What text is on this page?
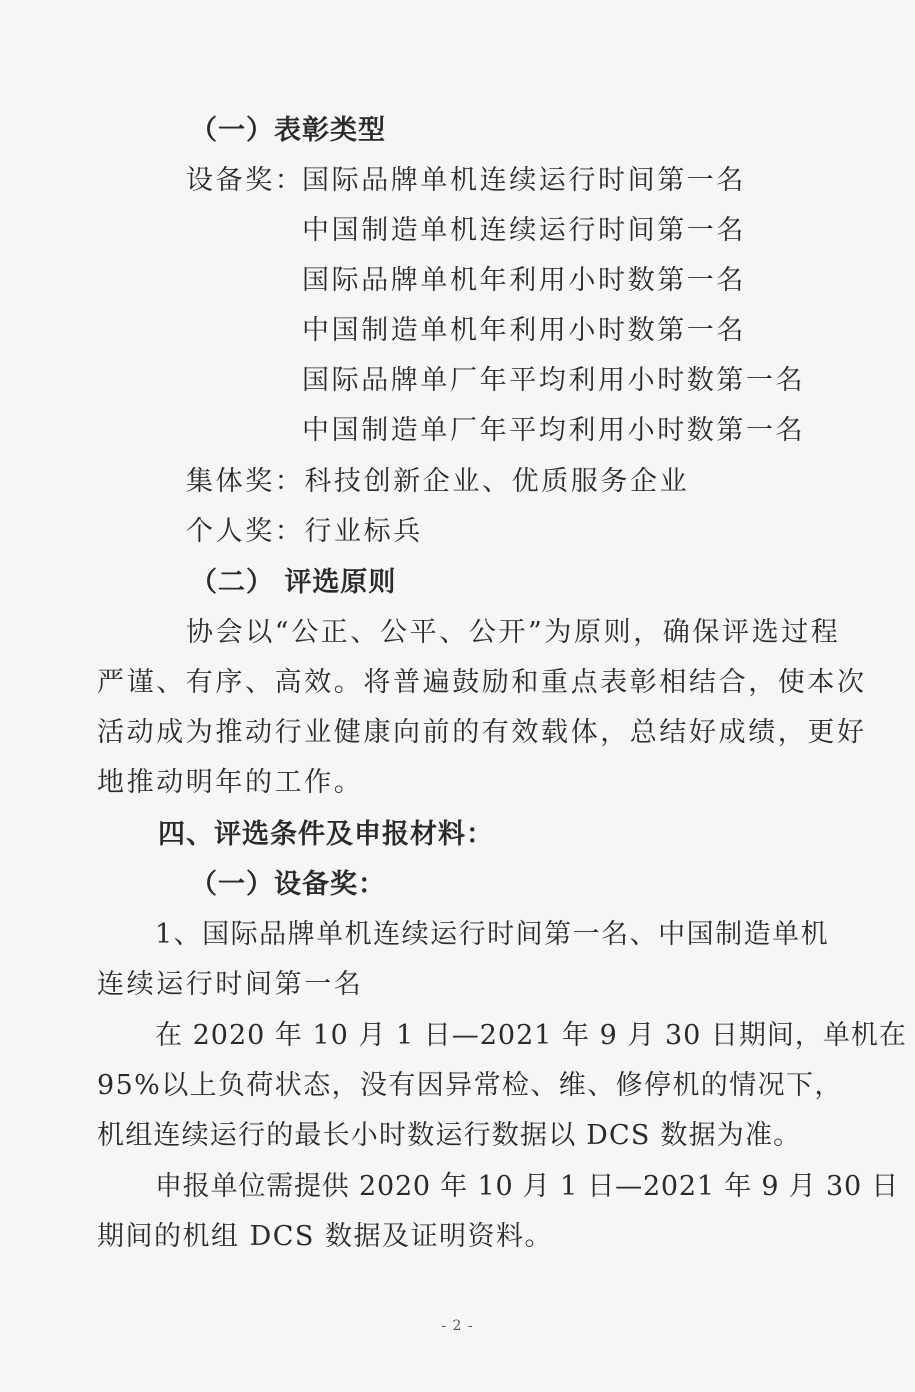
（一）表彰类型
设备奖：
国际品牌单机连续运行时间第一名
中国制造单机连续运行时间第一名
国际品牌单机年利用小时数第一名
中国制造单机年利用小时数第一名
国际品牌单厂年平均利用小时数第一名
中国制造单厂年平均利用小时数第一名
集体奖：科技创新企业、优质服务企业
个人奖：行业标兵
（二） 评选原则
协会以“公正、公平、公开”为原则，确保评选过程
严谨、有序、高效。将普遍鼓励和重点表彰相结合，使本次
活动成为推动行业健康向前的有效载体，总结好成绩，更好
地推动明年的工作。
四、评选条件及申报材料：
（一）设备奖：
1、国际品牌单机连续运行时间第一名、中国制造单机
连续运行时间第一名
在 2020 年 10 月 1 日—2021 年 9 月 30 日期间，单机在
95%以上负荷状态，没有因异常检、维、修停机的情况下，
机组连续运行的最长小时数运行数据以 DCS 数据为准。
申报单位需提供 2020 年 10 月 1 日—2021 年 9 月 30 日
期间的机组 DCS 数据及证明资料。
- 2 -
